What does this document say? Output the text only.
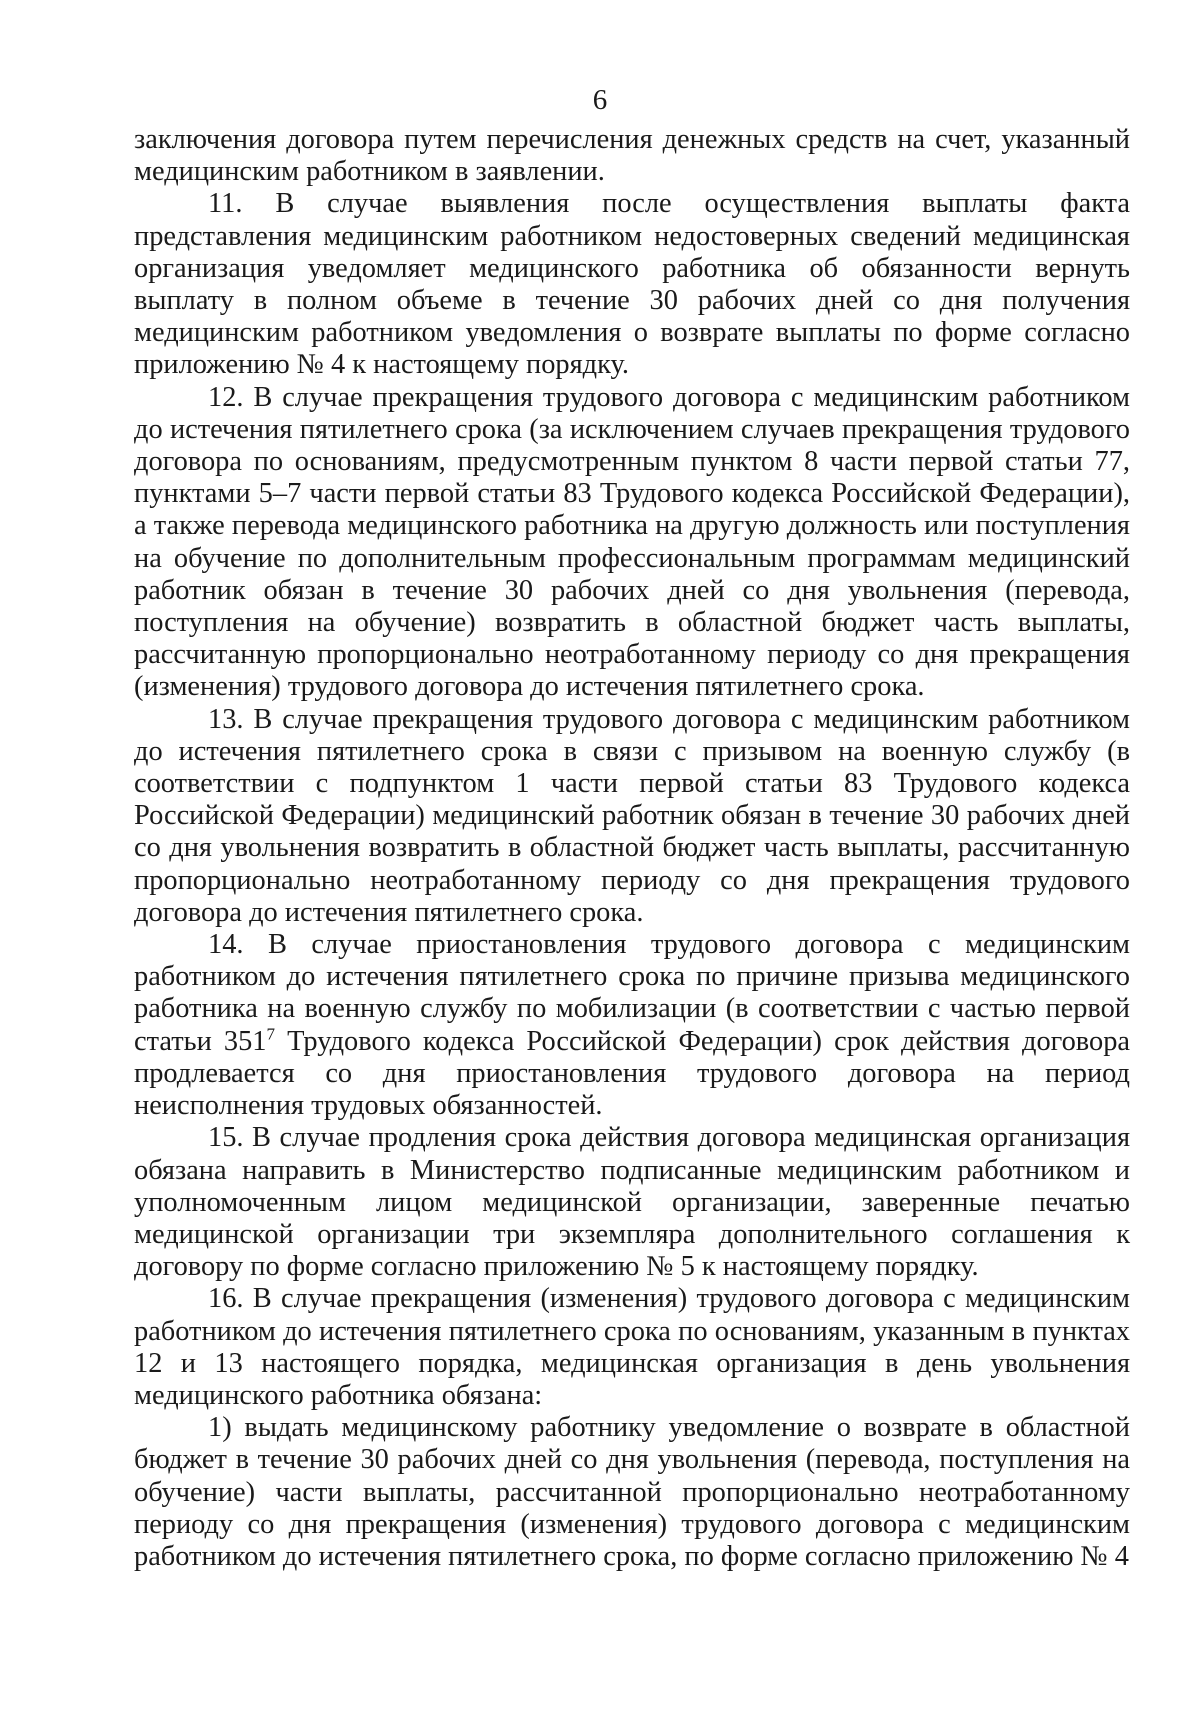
6

заключения договора путем перечисления денежных средств на счет, указанный медицинским работником в заявлении.

11. В случае выявления после осуществления выплаты факта представления медицинским работником недостоверных сведений медицинская организация уведомляет медицинского работника об обязанности вернуть выплату в полном объеме в течение 30 рабочих дней со дня получения медицинским работником уведомления о возврате выплаты по форме согласно приложению № 4 к настоящему порядку.

12. В случае прекращения трудового договора с медицинским работником до истечения пятилетнего срока (за исключением случаев прекращения трудового договора по основаниям, предусмотренным пунктом 8 части первой статьи 77, пунктами 5–7 части первой статьи 83 Трудового кодекса Российской Федерации), а также перевода медицинского работника на другую должность или поступления на обучение по дополнительным профессиональным программам медицинский работник обязан в течение 30 рабочих дней со дня увольнения (перевода, поступления на обучение) возвратить в областной бюджет часть выплаты, рассчитанную пропорционально неотработанному периоду со дня прекращения (изменения) трудового договора до истечения пятилетнего срока.

13. В случае прекращения трудового договора с медицинским работником до истечения пятилетнего срока в связи с призывом на военную службу (в соответствии с подпунктом 1 части первой статьи 83 Трудового кодекса Российской Федерации) медицинский работник обязан в течение 30 рабочих дней со дня увольнения возвратить в областной бюджет часть выплаты, рассчитанную пропорционально неотработанному периоду со дня прекращения трудового договора до истечения пятилетнего срока.

14. В случае приостановления трудового договора с медицинским работником до истечения пятилетнего срока по причине призыва медицинского работника на военную службу по мобилизации (в соответствии с частью первой статьи $351^7$ Трудового кодекса Российской Федерации) срок действия договора продлевается со дня приостановления трудового договора на период неисполнения трудовых обязанностей.

15. В случае продления срока действия договора медицинская организация обязана направить в Министерство подписанные медицинским работником и уполномоченным лицом медицинской организации, заверенные печатью медицинской организации три экземпляра дополнительного соглашения к договору по форме согласно приложению № 5 к настоящему порядку.

16. В случае прекращения (изменения) трудового договора с медицинским работником до истечения пятилетнего срока по основаниям, указанным в пунктах 12 и 13 настоящего порядка, медицинская организация в день увольнения медицинского работника обязана:

1) выдать медицинскому работнику уведомление о возврате в областной бюджет в течение 30 рабочих дней со дня увольнения (перевода, поступления на обучение) части выплаты, рассчитанной пропорционально неотработанному периоду со дня прекращения (изменения) трудового договора с медицинским работником до истечения пятилетнего срока, по форме согласно приложению № 4
